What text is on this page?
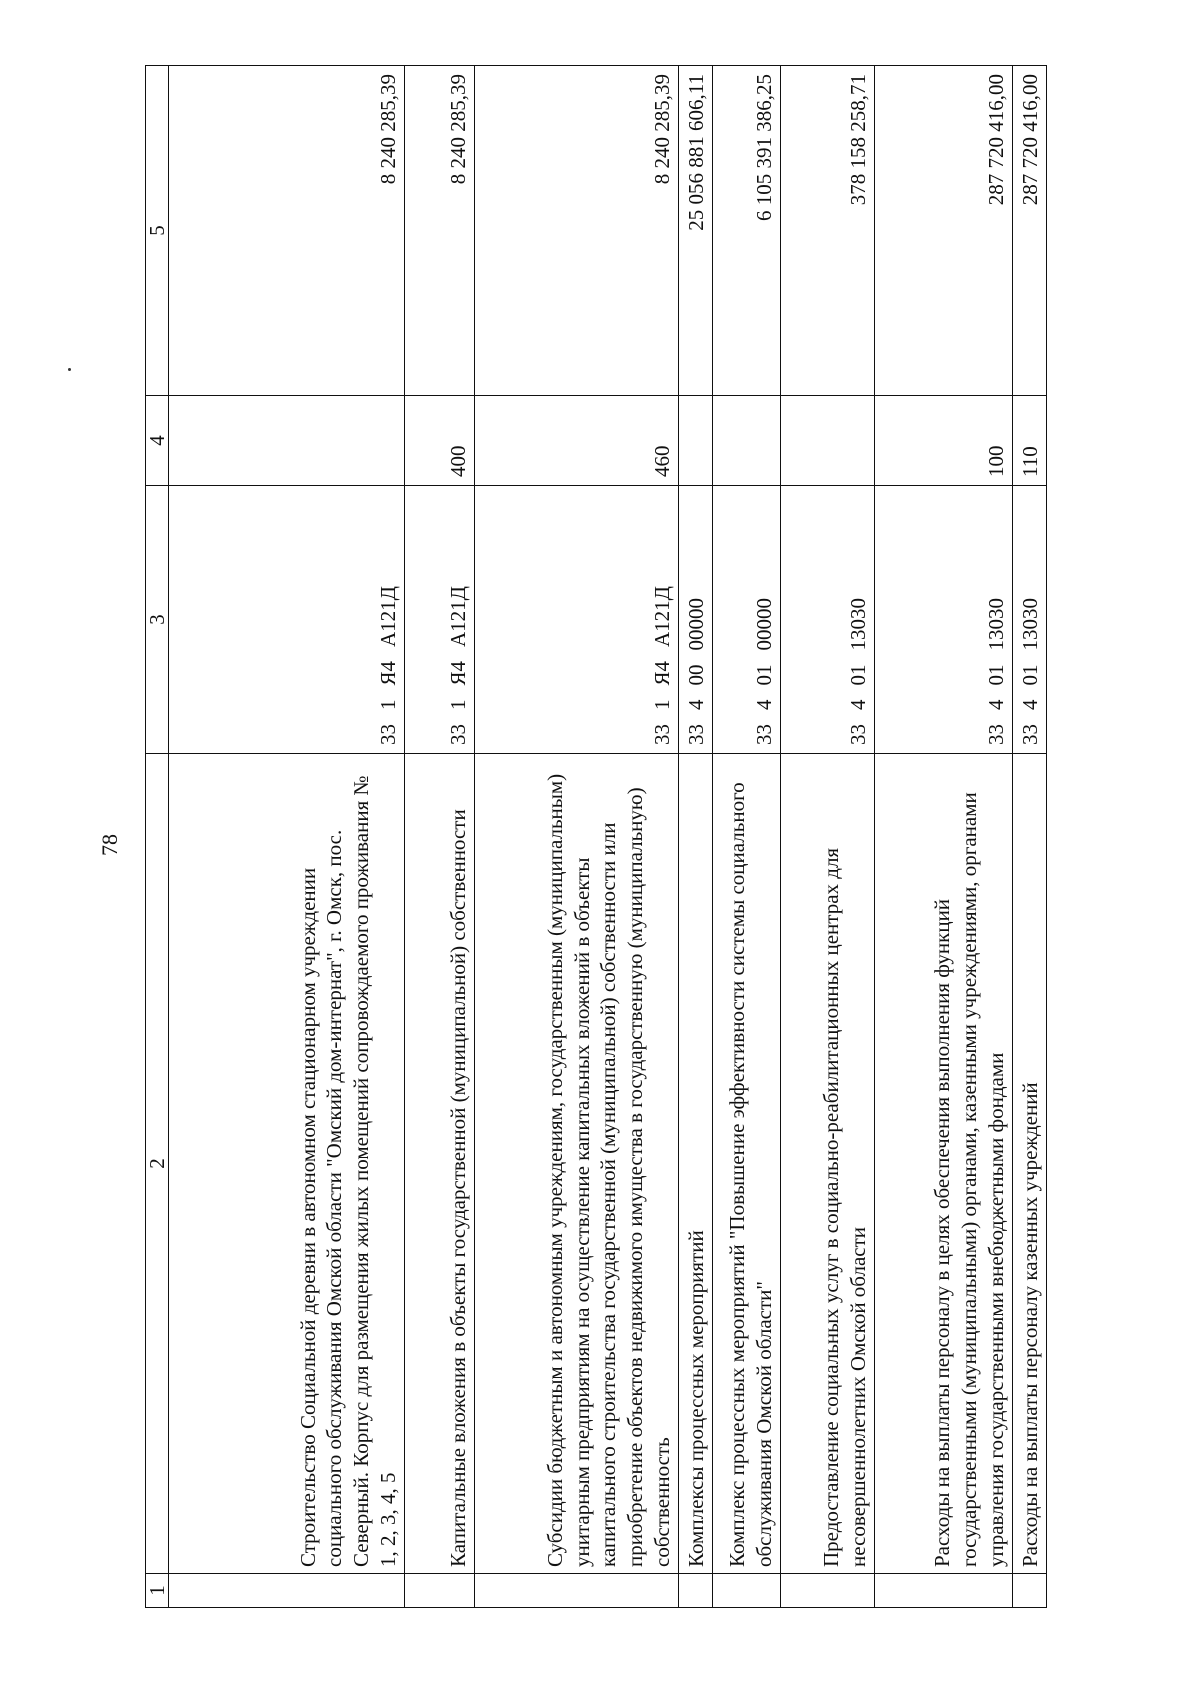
78
1	2	3	4	5
	Строительство Социальной деревни в автономном стационарном учреждении социального обслуживания Омской области "Омский дом-интернат", г. Омск, пос. Северный. Корпус для размещения жилых помещений сопровождаемого проживания № 1, 2, 3, 4, 5	331Я4А121Д		8 240 285,39
	Капитальные вложения в объекты государственной (муниципальной) собственности	331Я4А121Д	400	8 240 285,39
	Субсидии бюджетным и автономным учреждениям, государственным (муниципальным) унитарным предприятиям на осуществление капитальных вложений в объекты капитального строительства государственной (муниципальной) собственности или приобретение объектов недвижимого имущества в государственную (муниципальную) собственность	331Я4А121Д	460	8 240 285,39
	Комплексы процессных мероприятий	3340000000		25 056 881 606,11
	Комплекс процессных мероприятий "Повышение эффективности системы социального обслуживания Омской области"	3340100000		6 105 391 386,25
	Предоставление социальных услуг в социально-реабилитационных центрах для несовершеннолетних Омской области	3340113030		378 158 258,71
	Расходы на выплаты персоналу в целях обеспечения выполнения функций государственными (муниципальными) органами, казенными учреждениями, органами управления государственными внебюджетными фондами	3340113030	100	287 720 416,00
	Расходы на выплаты персоналу казенных учреждений	3340113030	110	287 720 416,00
